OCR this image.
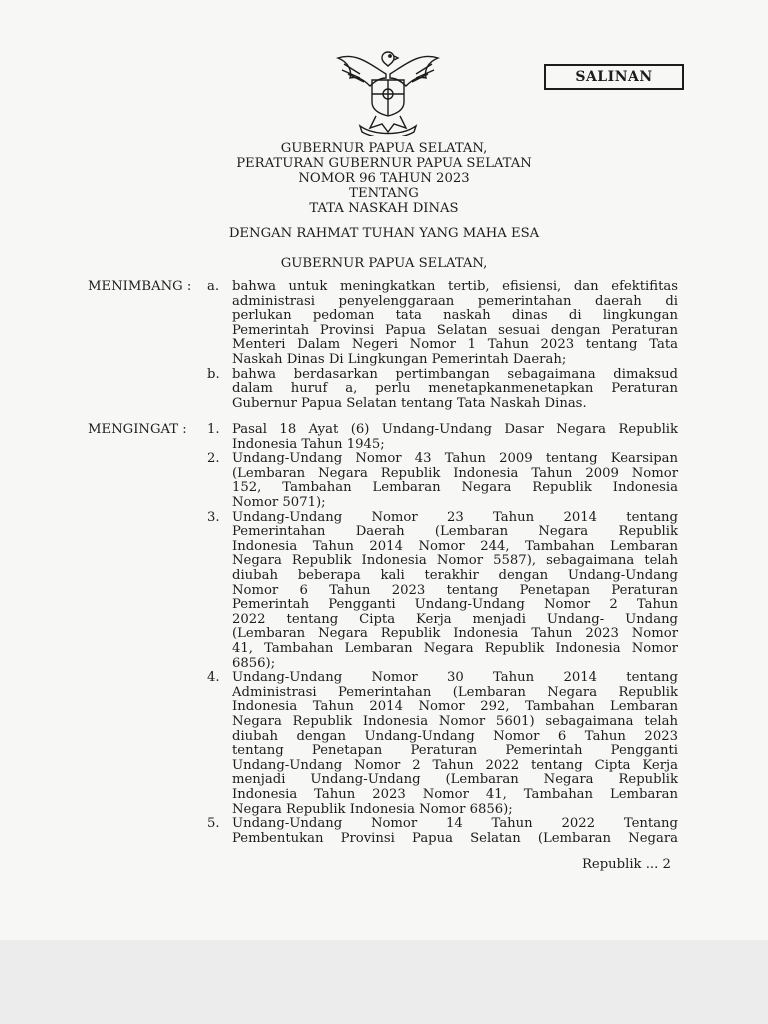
SALINAN
GUBERNUR PAPUA SELATAN,
PERATURAN GUBERNUR PAPUA SELATAN
NOMOR 96 TAHUN 2023
TENTANG
TATA NASKAH DINAS
DENGAN RAHMAT TUHAN YANG MAHA ESA
GUBERNUR PAPUA SELATAN,
MENIMBANG : a. bahwa untuk meningkatkan tertib, efisiensi, dan efektifitas
administrasi penyelenggaraan pemerintahan daerah di
perlukan pedoman tata naskah dinas di lingkungan
Pemerintah Provinsi Papua Selatan sesuai dengan Peraturan
Menteri Dalam Negeri Nomor 1 Tahun 2023 tentang Tata
Naskah Dinas Di Lingkungan Pemerintah Daerah;
b. bahwa berdasarkan pertimbangan sebagaimana dimaksud
dalam huruf a, perlu menetapkanmenetapkan Peraturan
Gubernur Papua Selatan tentang Tata Naskah Dinas.
MENGINGAT : 1. Pasal 18 Ayat (6) Undang-Undang Dasar Negara Republik
Indonesia Tahun 1945;
2. Undang-Undang Nomor 43 Tahun 2009 tentang Kearsipan
(Lembaran Negara Republik Indonesia Tahun 2009 Nomor
152, Tambahan Lembaran Negara Republik Indonesia
Nomor 5071);
3. Undang-Undang Nomor 23 Tahun 2014 tentang
Pemerintahan Daerah (Lembaran Negara Republik
Indonesia Tahun 2014 Nomor 244, Tambahan Lembaran
Negara Republik Indonesia Nomor 5587), sebagaimana telah
diubah beberapa kali terakhir dengan Undang-Undang
Nomor 6 Tahun 2023 tentang Penetapan Peraturan
Pemerintah Pengganti Undang-Undang Nomor 2 Tahun
2022 tentang Cipta Kerja menjadi Undang- Undang
(Lembaran Negara Republik Indonesia Tahun 2023 Nomor
41, Tambahan Lembaran Negara Republik Indonesia Nomor
6856);
4. Undang-Undang Nomor 30 Tahun 2014 tentang
Administrasi Pemerintahan (Lembaran Negara Republik
Indonesia Tahun 2014 Nomor 292, Tambahan Lembaran
Negara Republik Indonesia Nomor 5601) sebagaimana telah
diubah dengan Undang-Undang Nomor 6 Tahun 2023
tentang Penetapan Peraturan Pemerintah Pengganti
Undang-Undang Nomor 2 Tahun 2022 tentang Cipta Kerja
menjadi Undang-Undang (Lembaran Negara Republik
Indonesia Tahun 2023 Nomor 41, Tambahan Lembaran
Negara Republik Indonesia Nomor 6856);
5. Undang-Undang Nomor 14 Tahun 2022 Tentang
Pembentukan Provinsi Papua Selatan (Lembaran Negara
Republik ... 2
